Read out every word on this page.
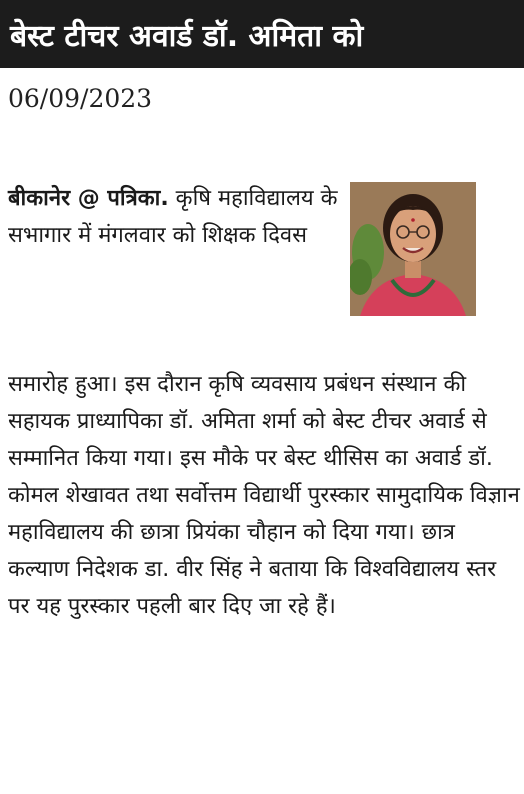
बेस्ट टीचर अवार्ड डॉ. अमिता को
06/09/2023
बीकानेर @ पत्रिका. कृषि महाविद्यालय के सभागार में मंगलवार को शिक्षक दिवस
समारोह हुआ। इस दौरान कृषि व्यवसाय प्रबंधन संस्थान की सहायक प्राध्यापिका डॉ. अमिता शर्मा को बेस्ट टीचर अवार्ड से सम्मानित किया गया। इस मौके पर बेस्ट थीसिस का अवार्ड डॉ. कोमल शेखावत तथा सर्वोत्तम विद्यार्थी पुरस्कार सामुदायिक विज्ञान महाविद्यालय की छात्रा प्रियंका चौहान को दिया गया। छात्र कल्याण निदेशक डा. वीर सिंह ने बताया कि विश्वविद्यालय स्तर पर यह पुरस्कार पहली बार दिए जा रहे हैं।
